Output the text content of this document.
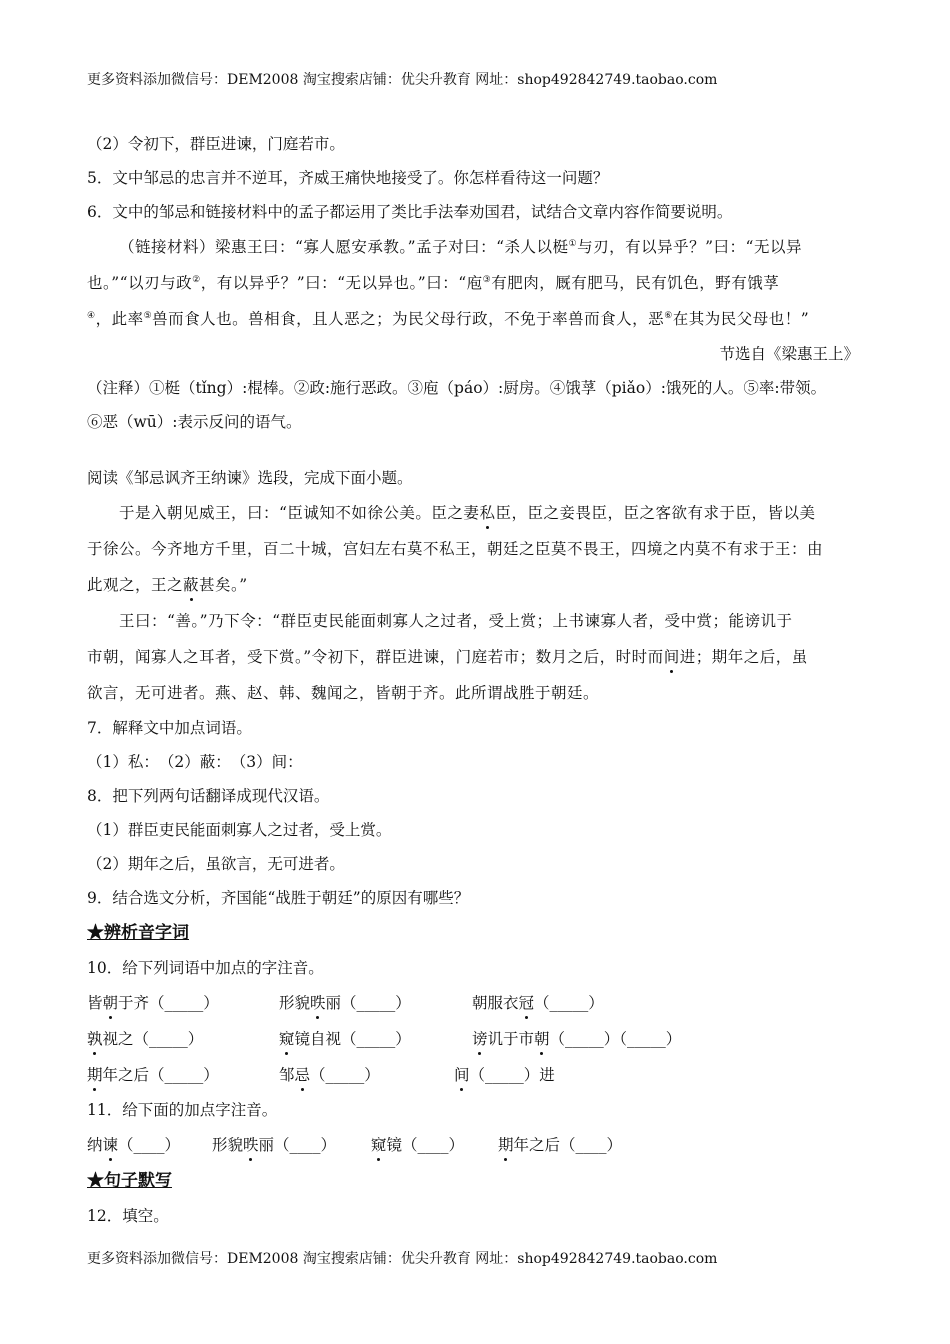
更多资料添加微信号：DEM2008 淘宝搜索店铺：优尖升教育 网址：shop492842749.taobao.com
（2）令初下，群臣进谏，门庭若市。
5．文中邹忌的忠言并不逆耳，齐威王痛快地接受了。你怎样看待这一问题？
6．文中的邹忌和链接材料中的孟子都运用了类比手法奉劝国君，试结合文章内容作简要说明。
（链接材料）梁惠王曰：“寡人愿安承教。”孟子对曰：“杀人以梃①与刃，有以异乎？”曰：“无以异
也。”“以刃与政②，有以异乎？”曰：“无以异也。”曰：“庖③有肥肉，厩有肥马，民有饥色，野有饿莩
④，此率⑤兽而食人也。兽相食，且人恶之；为民父母行政，不免于率兽而食人，恶⑥在其为民父母也！”
节选自《梁惠王上》
（注释）①梃（tǐng）:棍棒。②政:施行恶政。③庖（páo）:厨房。④饿莩（piǎo）:饿死的人。⑤率:带领。
⑥恶（wū）:表示反问的语气。
阅读《邹忌讽齐王纳谏》选段，完成下面小题。
于是入朝见威王，曰：“臣诚知不如徐公美。臣之妻私臣，臣之妾畏臣，臣之客欲有求于臣，皆以美
于徐公。今齐地方千里，百二十城，宫妇左右莫不私王，朝廷之臣莫不畏王，四境之内莫不有求于王：由
此观之，王之蔽甚矣。”
王曰：“善。”乃下令：“群臣吏民能面刺寡人之过者，受上赏；上书谏寡人者，受中赏；能谤讥于
市朝，闻寡人之耳者，受下赏。”令初下，群臣进谏，门庭若市；数月之后，时时而间进；期年之后，虽
欲言，无可进者。燕、赵、韩、魏闻之，皆朝于齐。此所谓战胜于朝廷。
7．解释文中加点词语。
（1）私：　（2）蔽：　（3）间：
8．把下列两句话翻译成现代汉语。
（1）群臣吏民能面刺寡人之过者，受上赏。
（2）期年之后，虽欲言，无可进者。
9．结合选文分析，齐国能“战胜于朝廷”的原因有哪些？
★辨析音字词
10．给下列词语中加点的字注音。
皆朝于齐（_____）	形貌昳丽（_____）	朝服衣冠（_____）
孰视之（_____）	窥镜自视（_____）	谤讥于市朝（_____）（_____）
期年之后（_____）	邹忌（_____）	间（_____）进
11．给下面的加点字注音。
纳谏（____） 形貌昳丽（____） 窥镜（____） 期年之后（____）
★句子默写
12．填空。
更多资料添加微信号：DEM2008 淘宝搜索店铺：优尖升教育 网址：shop492842749.taobao.com
